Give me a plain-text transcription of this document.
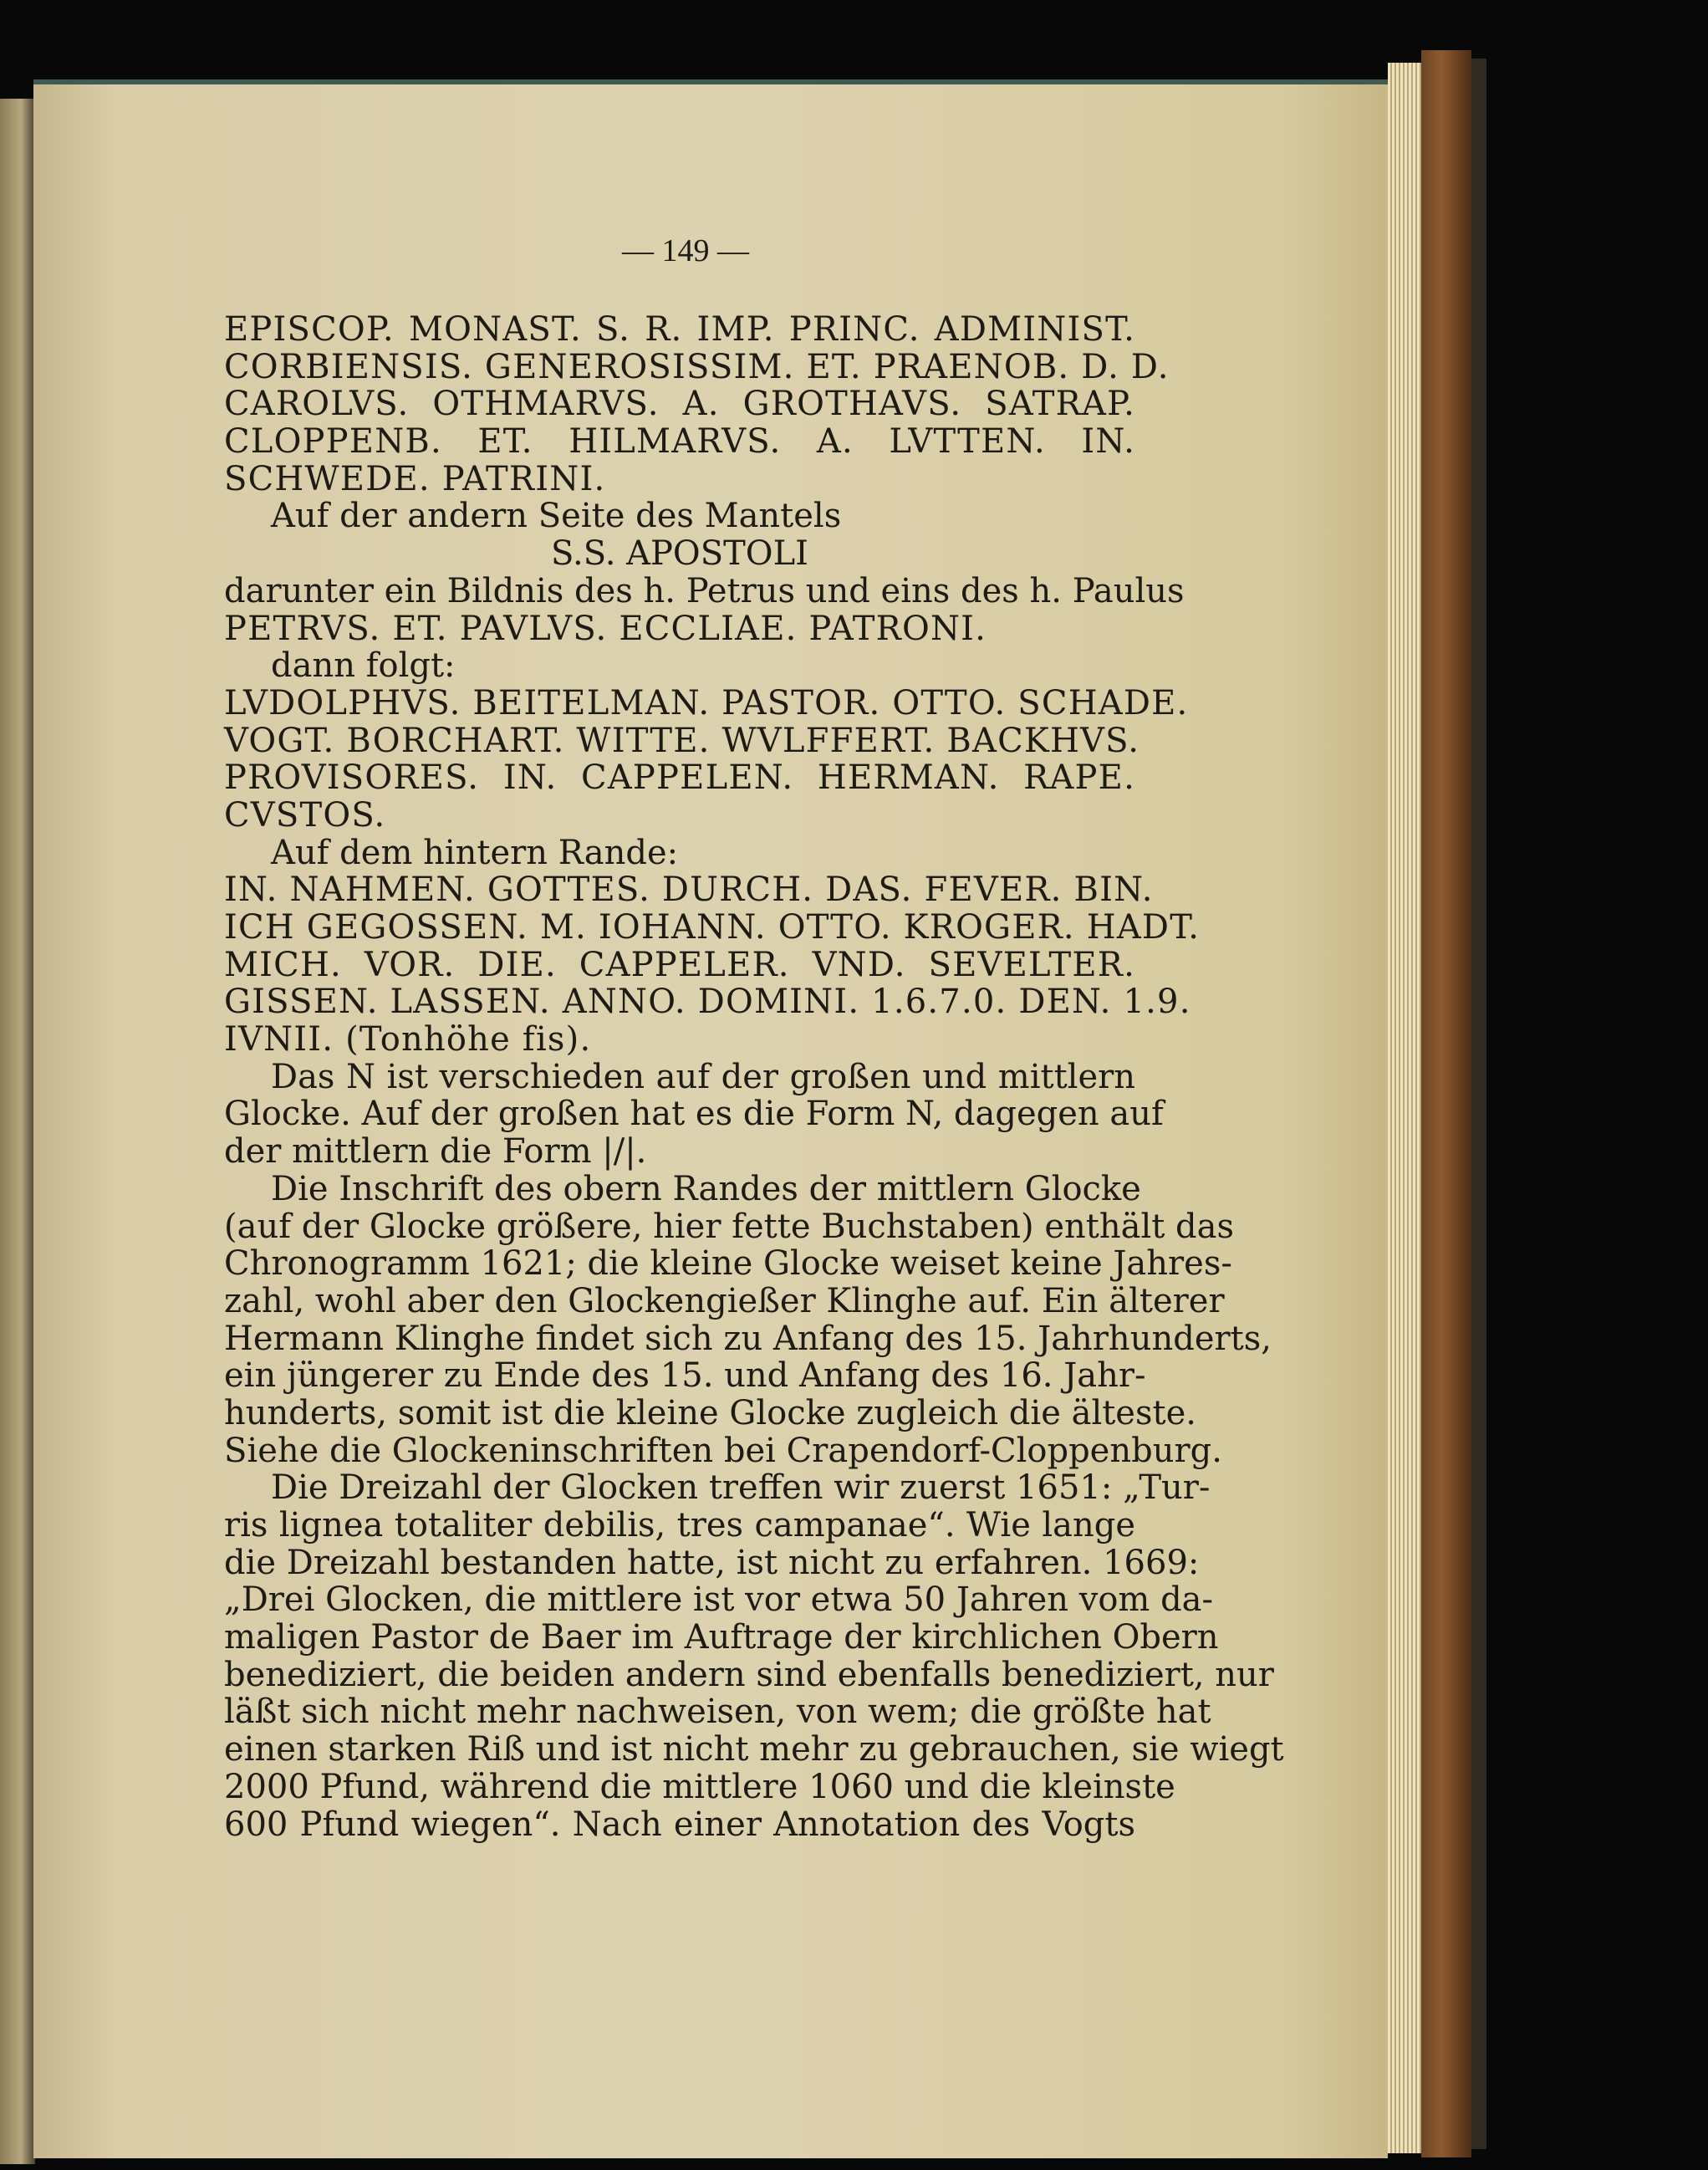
— 149 —
EPISCOP. MONAST. S. R. IMP. PRINC. ADMINIST.
CORBIENSIS. GENEROSISSIM. ET. PRAENOB. D. D.
CAROLVS. OTHMARVS. A. GROTHAVS. SATRAP.
CLOPPENB. ET. HILMARVS. A. LVTTEN. IN.
SCHWEDE. PATRINI.
Auf der andern Seite des Mantels
S.S. APOSTOLI
darunter ein Bildnis des h. Petrus und eins des h. Paulus
PETRVS. ET. PAVLVS. ECCLIAE. PATRONI.
dann folgt:
LVDOLPHVS. BEITELMAN. PASTOR. OTTO. SCHADE.
VOGT. BORCHART. WITTE. WVLFFERT. BACKHVS.
PROVISORES. IN. CAPPELEN. HERMAN. RAPE.
CVSTOS.
Auf dem hintern Rande:
IN. NAHMEN. GOTTES. DURCH. DAS. FEVER. BIN.
ICH GEGOSSEN. M. IOHANN. OTTO. KROGER. HADT.
MICH. VOR. DIE. CAPPELER. VND. SEVELTER.
GISSEN. LASSEN. ANNO. DOMINI. 1.6.7.0. DEN. 1.9.
IVNII. (Tonhöhe fis).
Das N ist verschieden auf der großen und mittlern
Glocke. Auf der großen hat es die Form N, dagegen auf
der mittlern die Form |/|.
Die Inschrift des obern Randes der mittlern Glocke
(auf der Glocke größere, hier fette Buchstaben) enthält das
Chronogramm 1621; die kleine Glocke weiset keine Jahres-
zahl, wohl aber den Glockengießer Klinghe auf. Ein älterer
Hermann Klinghe findet sich zu Anfang des 15. Jahrhunderts,
ein jüngerer zu Ende des 15. und Anfang des 16. Jahr-
hunderts, somit ist die kleine Glocke zugleich die älteste.
Siehe die Glockeninschriften bei Crapendorf-Cloppenburg.
Die Dreizahl der Glocken treffen wir zuerst 1651: „Tur-
ris lignea totaliter debilis, tres campanae“. Wie lange
die Dreizahl bestanden hatte, ist nicht zu erfahren. 1669:
„Drei Glocken, die mittlere ist vor etwa 50 Jahren vom da-
maligen Pastor de Baer im Auftrage der kirchlichen Obern
benediziert, die beiden andern sind ebenfalls benediziert, nur
läßt sich nicht mehr nachweisen, von wem; die größte hat
einen starken Riß und ist nicht mehr zu gebrauchen, sie wiegt
2000 Pfund, während die mittlere 1060 und die kleinste
600 Pfund wiegen“. Nach einer Annotation des Vogts
